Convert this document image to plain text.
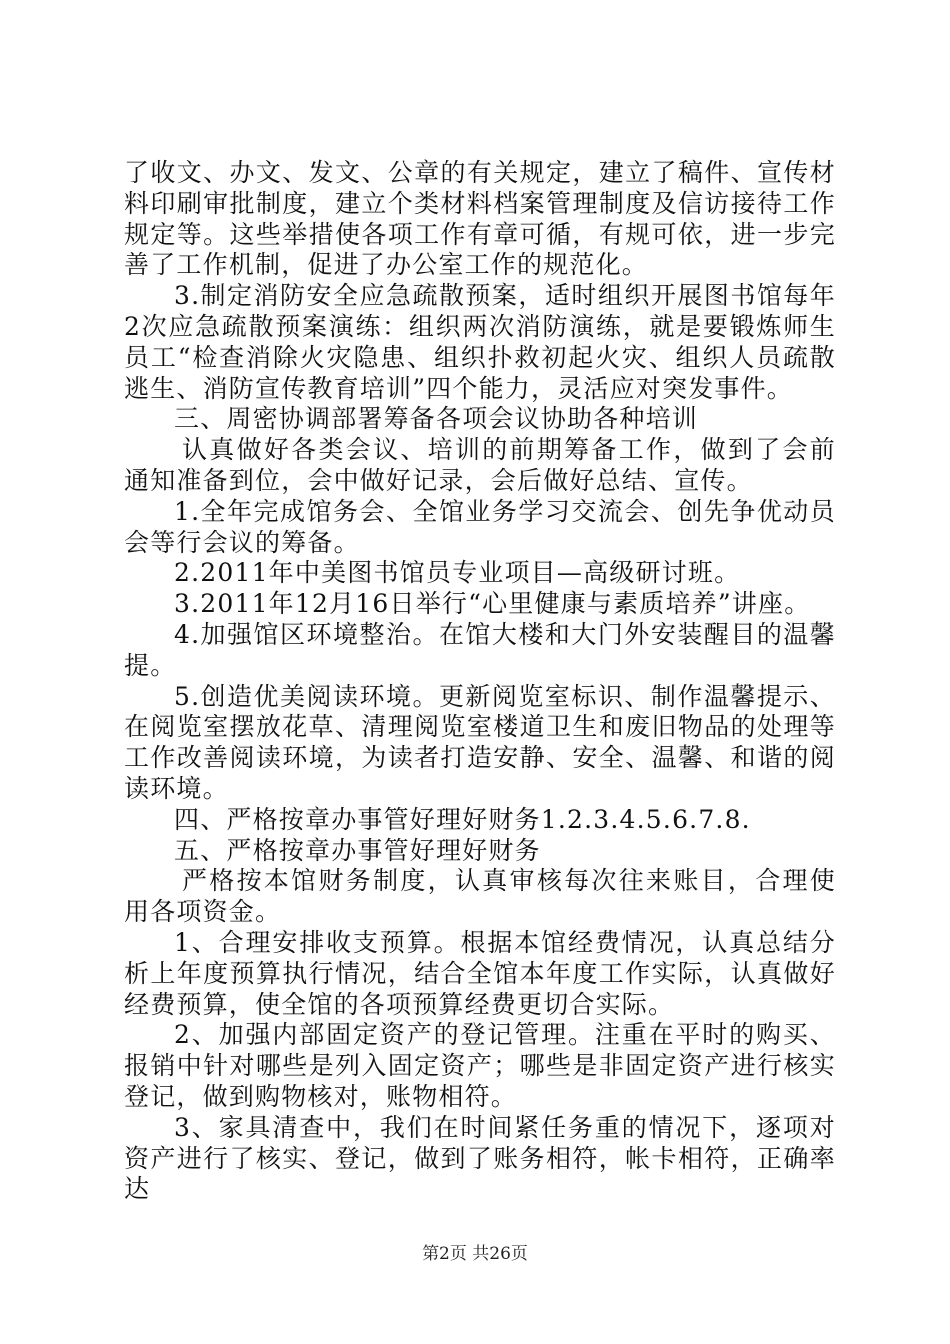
了收文、办文、发文、公章的有关规定，建立了稿件、宣传材料印刷审批制度，建立个类材料档案管理制度及信访接待工作规定等。这些举措使各项工作有章可循，有规可依，进一步完善了工作机制，促进了办公室工作的规范化。

3.制定消防安全应急疏散预案，适时组织开展图书馆每年2次应急疏散预案演练：组织两次消防演练，就是要锻炼师生员工“检查消除火灾隐患、组织扑救初起火灾、组织人员疏散逃生、消防宣传教育培训”四个能力，灵活应对突发事件。

三、周密协调部署筹备各项会议协助各种培训

认真做好各类会议、培训的前期筹备工作，做到了会前通知准备到位，会中做好记录，会后做好总结、宣传。

1.全年完成馆务会、全馆业务学习交流会、创先争优动员会等行会议的筹备。

2.2011年中美图书馆员专业项目—高级研讨班。

3.2011年12月16日举行“心里健康与素质培养”讲座。

4.加强馆区环境整治。在馆大楼和大门外安装醒目的温馨提。

5.创造优美阅读环境。更新阅览室标识、制作温馨提示、在阅览室摆放花草、清理阅览室楼道卫生和废旧物品的处理等工作改善阅读环境，为读者打造安静、安全、温馨、和谐的阅读环境。

四、严格按章办事管好理好财务1.2.3.4.5.6.7.8.

五、严格按章办事管好理好财务

严格按本馆财务制度，认真审核每次往来账目，合理使用各项资金。

1、合理安排收支预算。根据本馆经费情况，认真总结分析上年度预算执行情况，结合全馆本年度工作实际，认真做好经费预算，使全馆的各项预算经费更切合实际。

2、加强内部固定资产的登记管理。注重在平时的购买、报销中针对哪些是列入固定资产；哪些是非固定资产进行核实登记，做到购物核对，账物相符。

3、家具清查中，我们在时间紧任务重的情况下，逐项对资产进行了核实、登记，做到了账务相符，帐卡相符，正确率达

第2页 共26页
